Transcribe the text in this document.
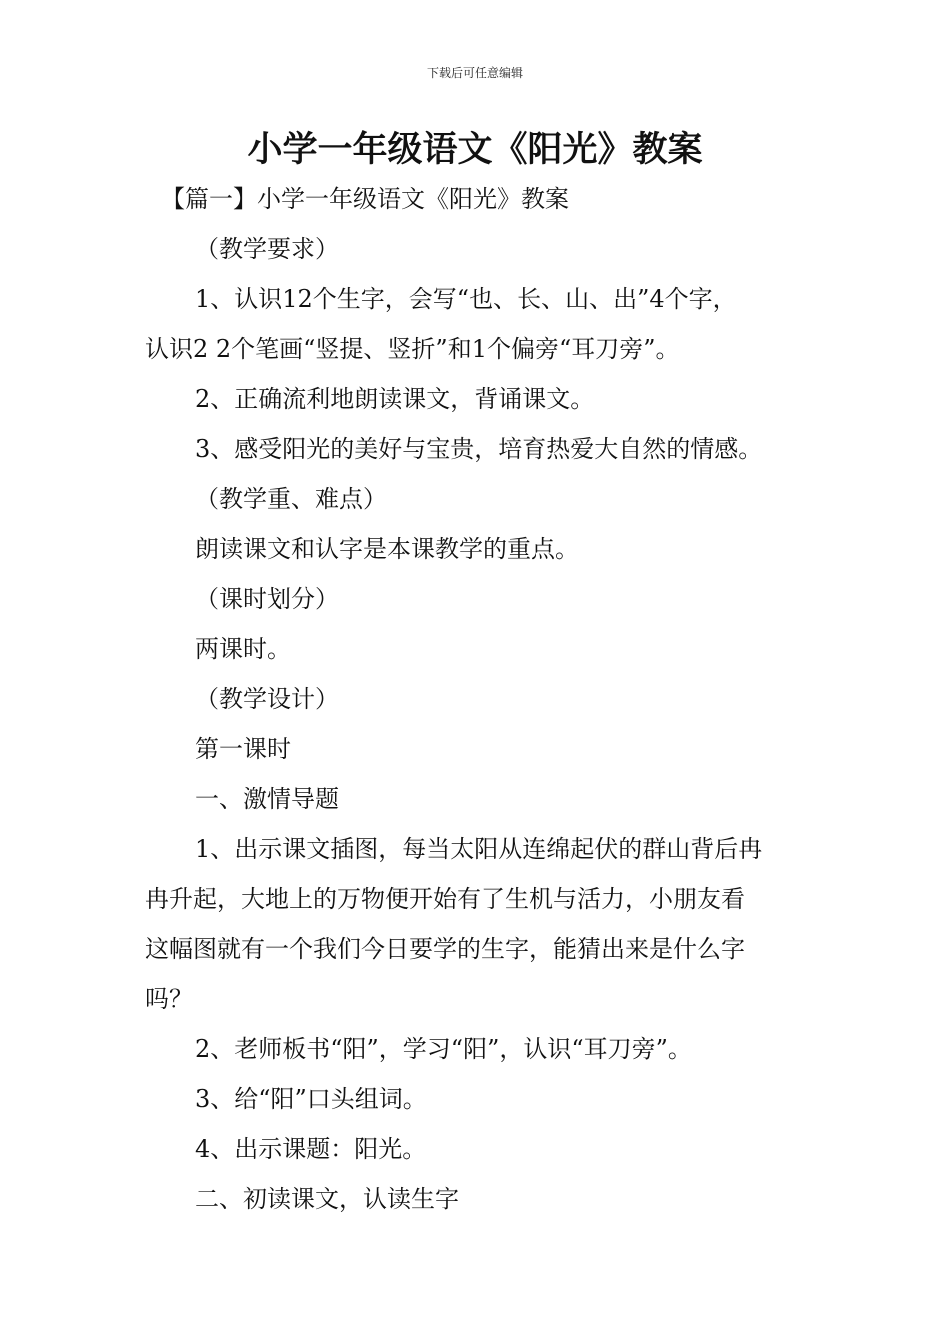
下载后可任意编辑
小学一年级语文《阳光》教案
【篇一】小学一年级语文《阳光》教案
（教学要求）
1、认识12个生字，会写“也、长、山、出”4个字，
认识2 2个笔画“竖提、竖折”和1个偏旁“耳刀旁”。
2、正确流利地朗读课文，背诵课文。
3、感受阳光的美好与宝贵，培育热爱大自然的情感。
（教学重、难点）
朗读课文和认字是本课教学的重点。
（课时划分）
两课时。
（教学设计）
第一课时
一、激情导题
1、出示课文插图，每当太阳从连绵起伏的群山背后冉
冉升起，大地上的万物便开始有了生机与活力，小朋友看
这幅图就有一个我们今日要学的生字，能猜出来是什么字
吗？
2、老师板书“阳”，学习“阳”，认识“耳刀旁”。
3、给“阳”口头组词。
4、出示课题：阳光。
二、初读课文，认读生字
